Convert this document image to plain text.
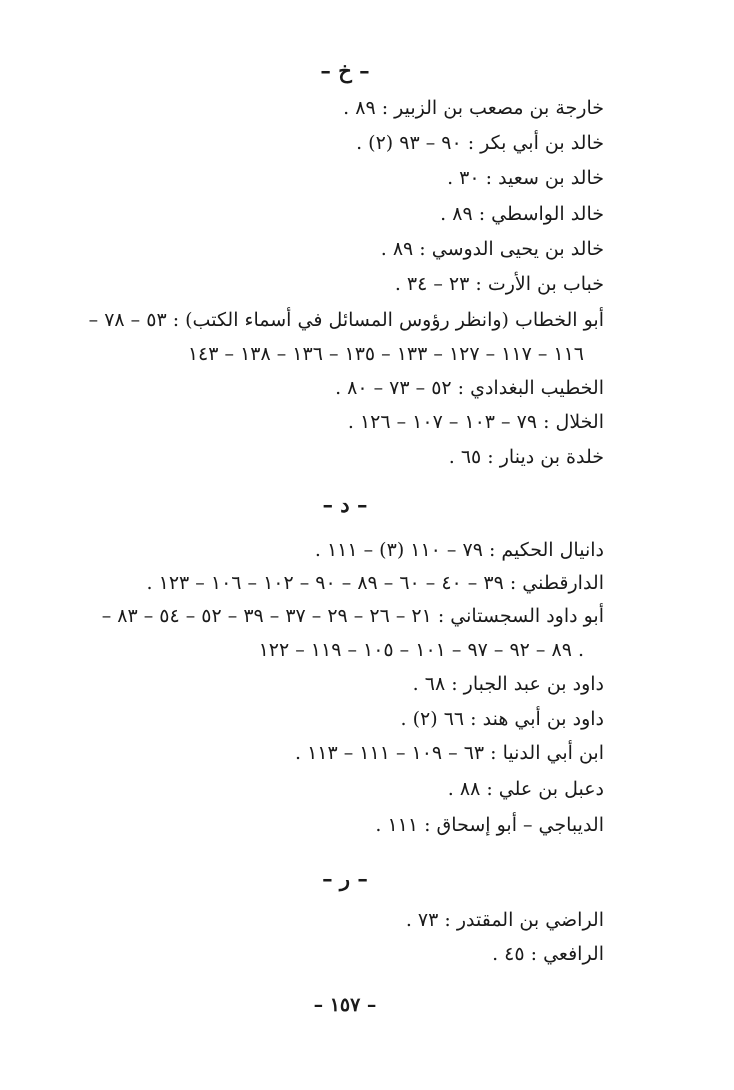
– خ –
خارجة بن مصعب بن الزبير : ٨٩ .
خالد بن أبي بكر : ٩٠ – ٩٣ (٢) .
خالد بن سعيد : ٣٠ .
خالد الواسطي : ٨٩ .
خالد بن يحيى الدوسي : ٨٩ .
خباب بن الأرت : ٢٣ – ٣٤ .
أبو الخطاب (وانظر رؤوس المسائل في أسماء الكتب) : ٥٣ – ٧٨ –
١١٦ – ١١٧ – ١٢٧ – ١٣٣ – ١٣٥ – ١٣٦ – ١٣٨ – ١٤٣
الخطيب البغدادي : ٥٢ – ٧٣ – ٨٠ .
الخلال : ٧٩ – ١٠٣ – ١٠٧ – ١٢٦ .
خلدة بن دينار : ٦٥ .
– د –
دانيال الحكيم : ٧٩ – ١١٠ (٣) – ١١١ .
الدارقطني : ٣٩ – ٤٠ – ٦٠ – ٨٩ – ٩٠ – ١٠٢ – ١٠٦ – ١٢٣ .
أبو داود السجستاني : ٢١ – ٢٦ – ٢٩ – ٣٧ – ٣٩ – ٥٢ – ٥٤ – ٨٣ –
٨٩ – ٩٢ – ٩٧ – ١٠١ – ١٠٥ – ١١٩ – ١٢٢ .
داود بن عبد الجبار : ٦٨ .
داود بن أبي هند : ٦٦ (٢) .
ابن أبي الدنيا : ٦٣ – ١٠٩ – ١١١ – ١١٣ .
دعبل بن علي : ٨٨ .
الديباجي – أبو إسحاق : ١١١ .
– ر –
الراضي بن المقتدر : ٧٣ .
الرافعي : ٤٥ .
– ١٥٧ –
